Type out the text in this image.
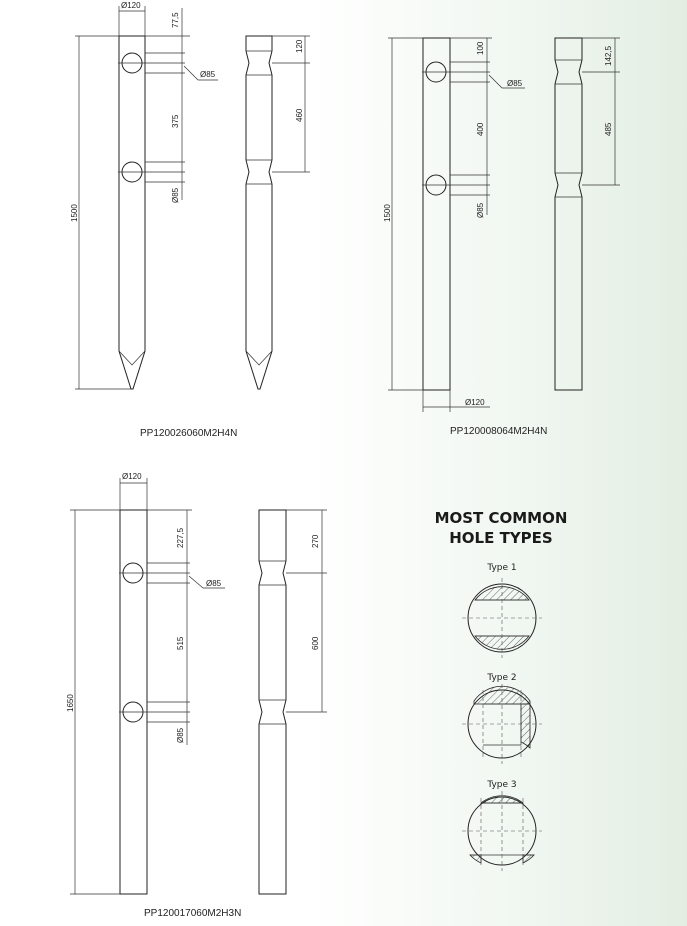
Ø120
1500
77,5
375
Ø85
Ø85
120
460
PP120026060M2H4N
1500
Ø120
100
400
Ø85
Ø85
142,5
485
PP120008064M2H4N
Ø120
1650
227,5
515
Ø85
Ø85
270
600
PP120017060M2H3N
MOST COMMON
HOLE TYPES
Type 1
Type 2
Type 3
